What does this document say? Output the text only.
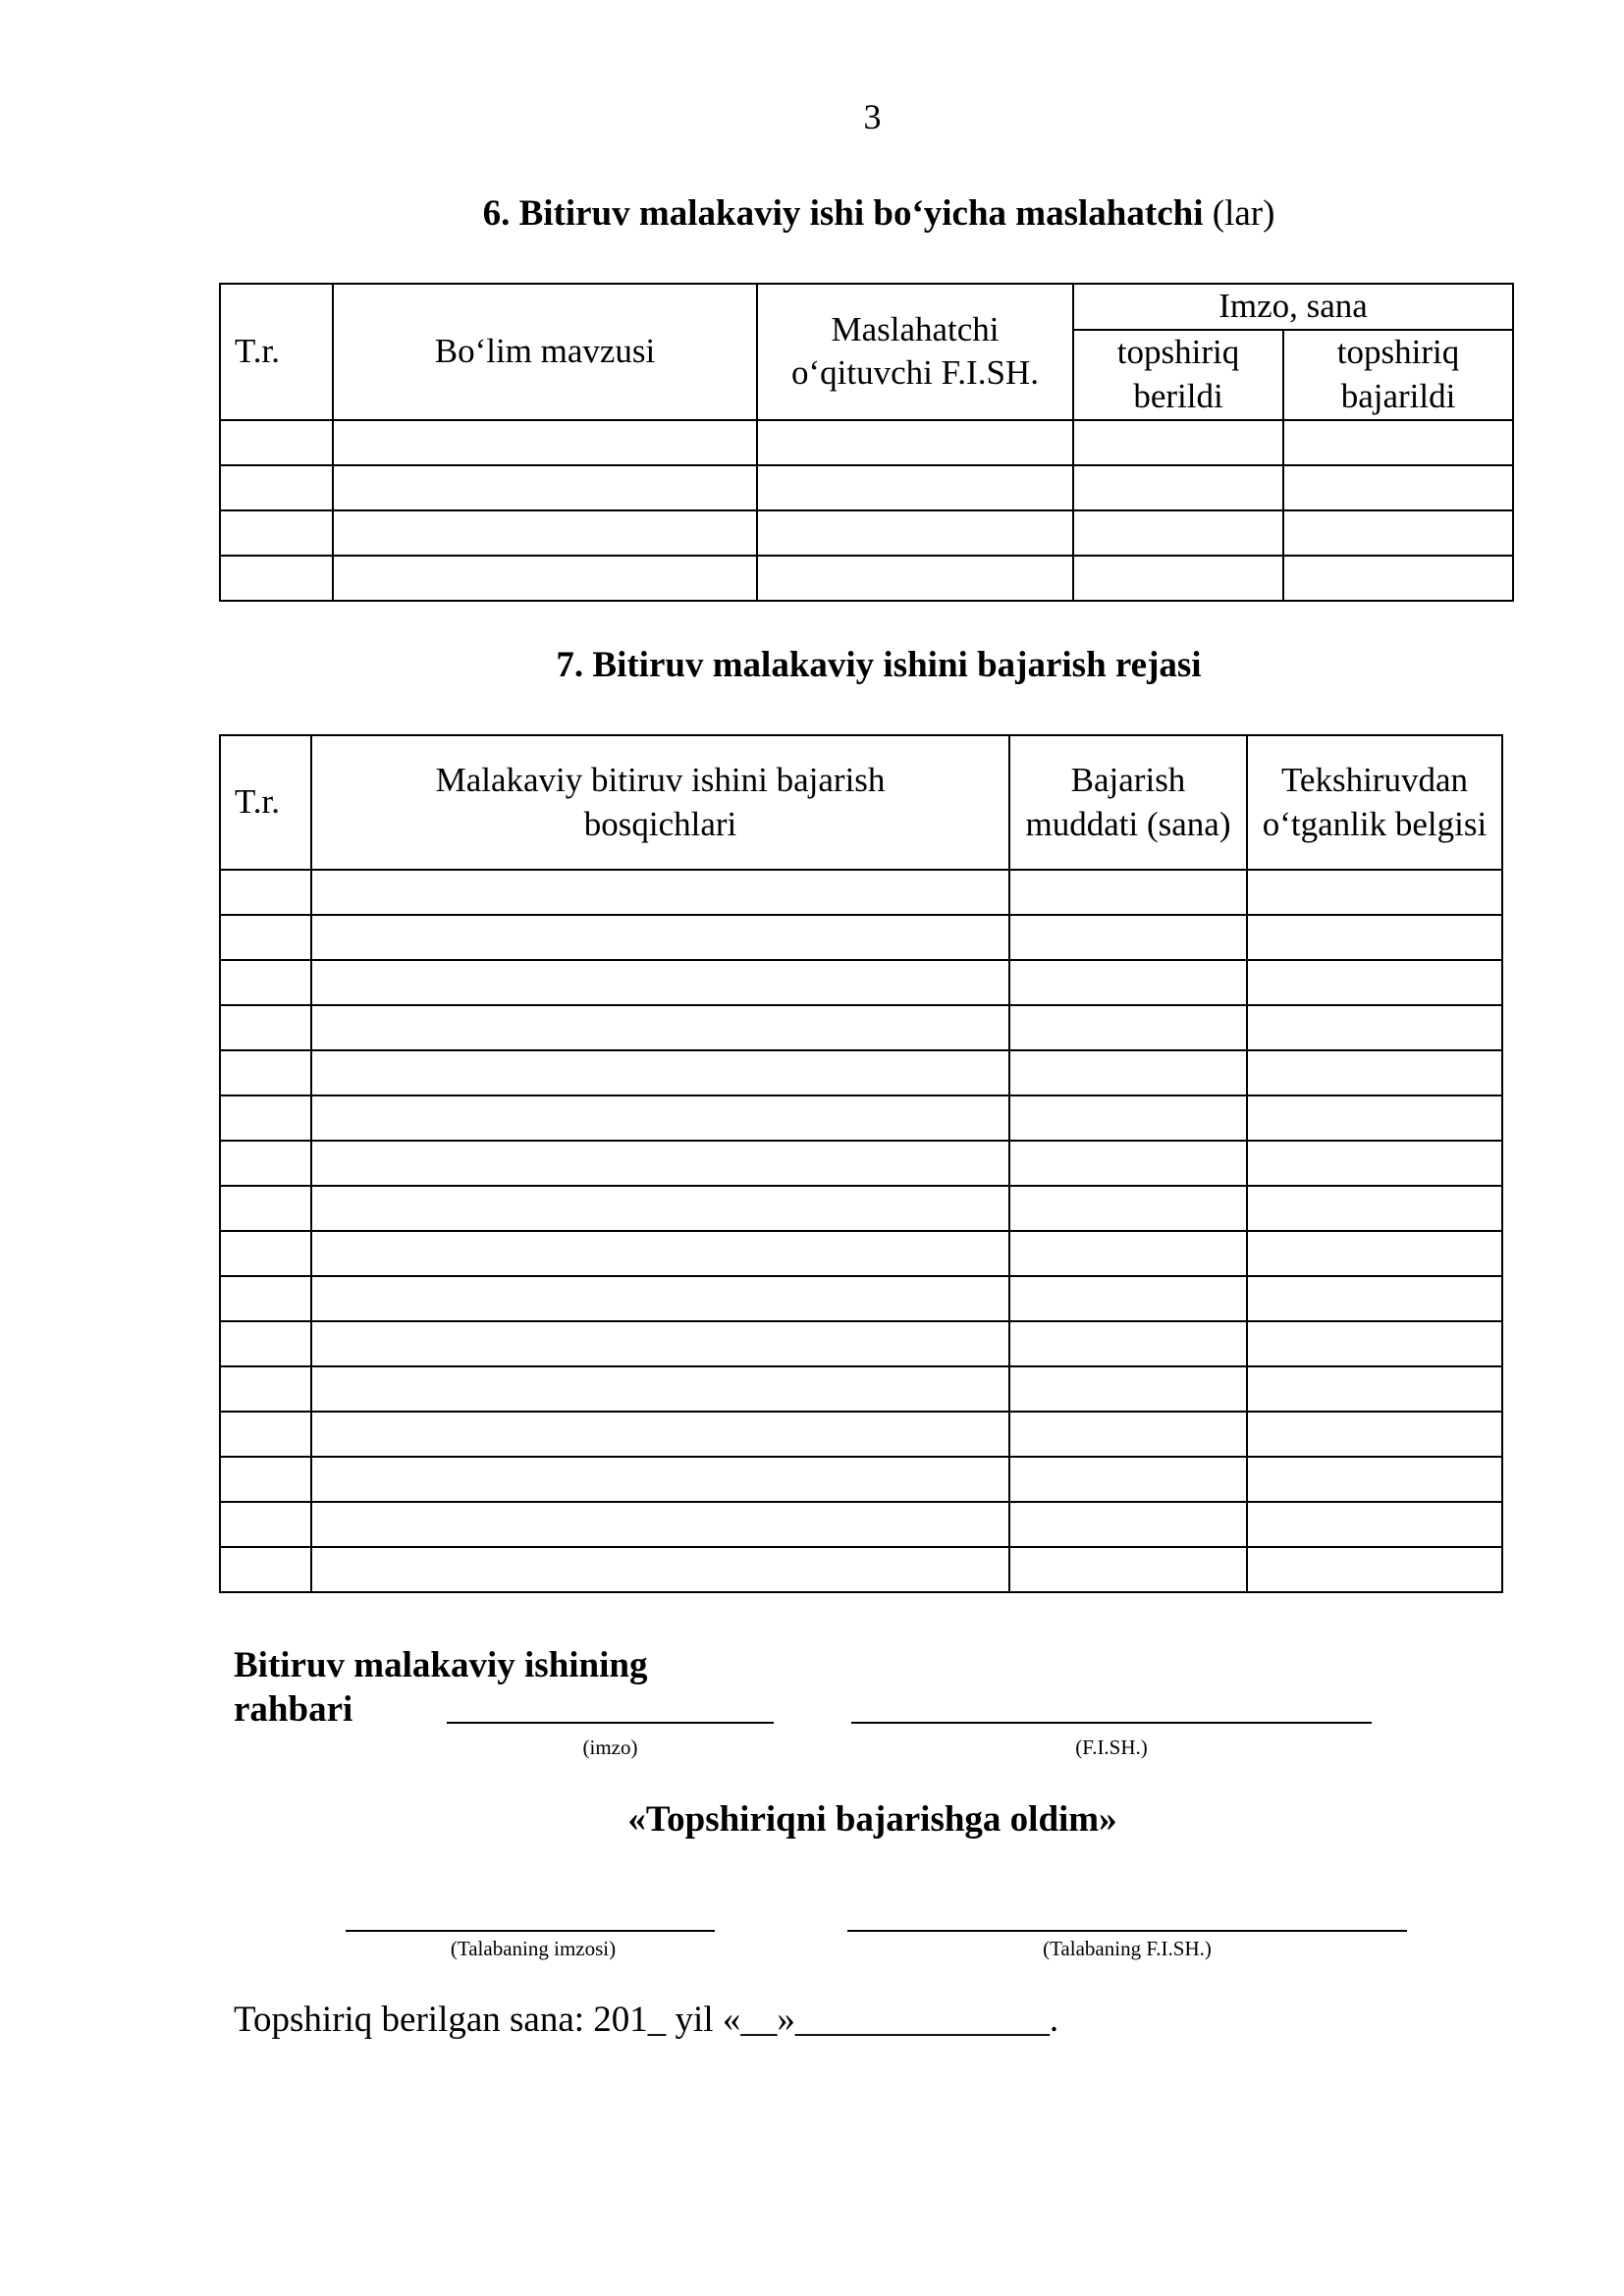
3
6. Bitiruv malakaviy ishi bo‘yicha maslahatchi (lar)
T.r.	Bo‘lim mavzusi	Maslahatchi o‘qituvchi F.I.SH.	Imzo, sana	
			topshiriq berildi	topshiriq bajarildi

7. Bitiruv malakaviy ishini bajarish rejasi
T.r.	Malakaviy bitiruv ishini bajarish bosqichlari	Bajarish muddati (sana)	Tekshiruvdan o‘tganlik belgisi

Bitiruv malakaviy ishining rahbari
(imzo)	(F.I.SH.)
«Topshiriqni bajarishga oldim»
(Talabaning imzosi)	(Talabaning F.I.SH.)
Topshiriq berilgan sana: 201_ yil «__»______________.
